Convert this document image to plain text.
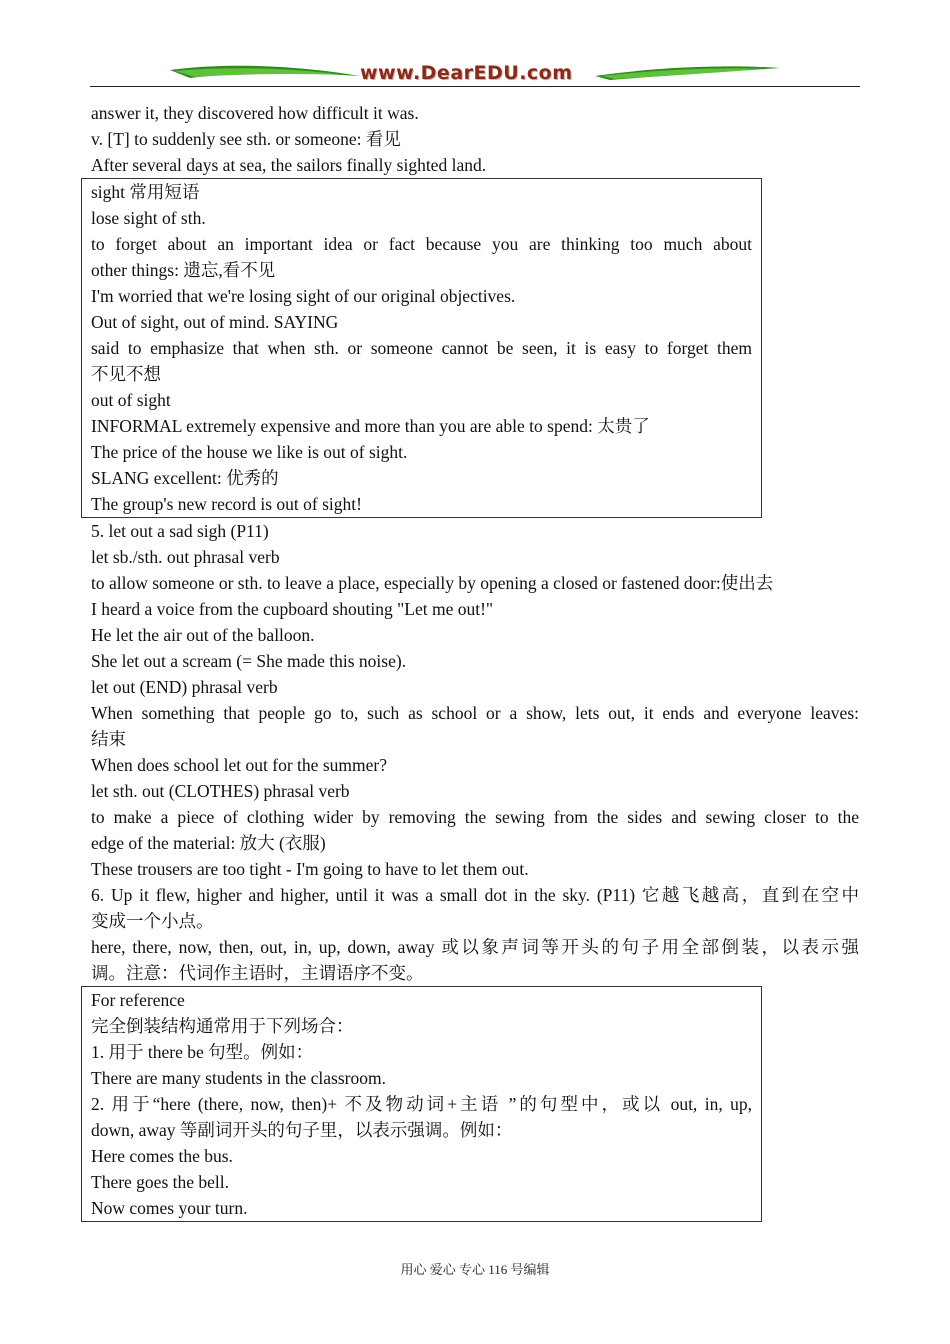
www.DearEDU.com

answer it, they discovered how difficult it was.

v. [T] to suddenly see sth. or someone: 看见

After several days at sea, the sailors finally sighted land.

sight 常用短语

lose sight of sth.

to forget about an important idea or fact because you are thinking too much about

other things: 遗忘,看不见

I'm worried that we're losing sight of our original objectives.

Out of sight, out of mind. SAYING

said to emphasize that when sth. or someone cannot be seen, it is easy to forget them

不见不想

out of sight

INFORMAL extremely expensive and more than you are able to spend: 太贵了

The price of the house we like is out of sight.

SLANG excellent: 优秀的

The group's new record is out of sight!

5. let out a sad sigh (P11)

let sb./sth. out phrasal verb

to allow someone or sth. to leave a place, especially by opening a closed or fastened door:使出去

I heard a voice from the cupboard shouting "Let me out!"

He let the air out of the balloon.

She let out a scream (= She made this noise).

let out (END) phrasal verb

When something that people go to, such as school or a show, lets out, it ends and everyone leaves:

结束

When does school let out for the summer?

let sth. out (CLOTHES) phrasal verb

to make a piece of clothing wider by removing the sewing from the sides and sewing closer to the

edge of the material: 放大 (衣服)

These trousers are too tight - I'm going to have to let them out.

6. Up it flew, higher and higher, until it was a small dot in the sky. (P11) 它越飞越高，直到在空中

变成一个小点。

here, there, now, then, out, in, up, down, away 或以象声词等开头的句子用全部倒装，以表示强

调。注意：代词作主语时，主谓语序不变。

For reference

完全倒装结构通常用于下列场合：

1. 用于 there be 句型。例如：

There are many students in the classroom.

2. 用于“here (there, now, then)+ 不及物动词+主语 ”的句型中，或以 out, in, up,

down, away 等副词开头的句子里，以表示强调。例如：

Here comes the bus.

There goes the bell.

Now comes your turn.

用心 爱心 专心 116 号编辑
